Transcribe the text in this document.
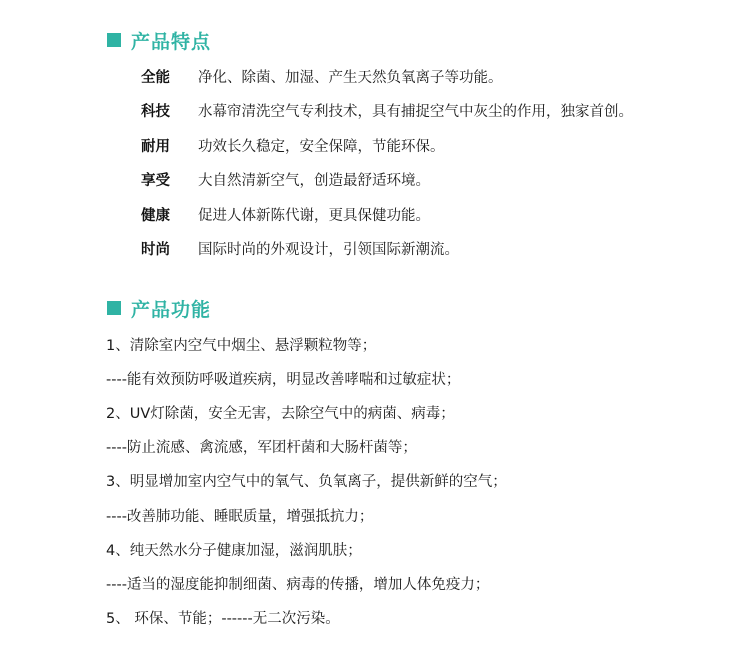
产品特点
全能	净化、除菌、加湿、产生天然负氧离子等功能。
科技	水幕帘清洗空气专利技术，具有捕捉空气中灰尘的作用，独家首创。
耐用	功效长久稳定，安全保障，节能环保。
享受	大自然清新空气，创造最舒适环境。
健康	促进人体新陈代谢，更具保健功能。
时尚	国际时尚的外观设计，引领国际新潮流。
产品功能
1、清除室内空气中烟尘、悬浮颗粒物等；
----能有效预防呼吸道疾病，明显改善哮喘和过敏症状；
2、UV灯除菌，安全无害，去除空气中的病菌、病毒；
----防止流感、禽流感，军团杆菌和大肠杆菌等；
3、明显增加室内空气中的氧气、负氧离子，提供新鲜的空气；
----改善肺功能、睡眠质量，增强抵抗力；
4、纯天然水分子健康加湿，滋润肌肤；
----适当的湿度能抑制细菌、病毒的传播，增加人体免疫力；
5、 环保、节能；------无二次污染。
